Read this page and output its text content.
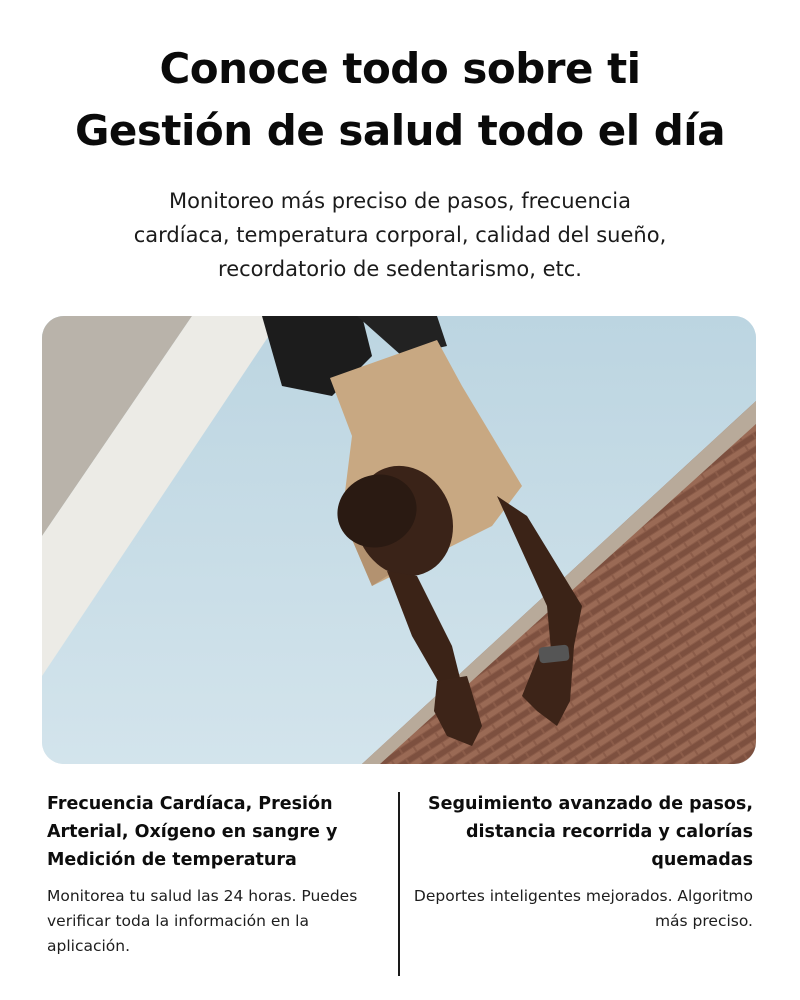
Conoce todo sobre ti
Gestión de salud todo el día

Monitoreo más preciso de pasos, frecuencia cardíaca, temperatura corporal, calidad del sueño, recordatorio de sedentarismo, etc.

Frecuencia Cardíaca, Presión Arterial, Oxígeno en sangre y Medición de temperatura

Monitorea tu salud las 24 horas. Puedes verificar toda la información en la aplicación.

Seguimiento avanzado de pasos, distancia recorrida y calorías quemadas

Deportes inteligentes mejorados. Algoritmo más preciso.
